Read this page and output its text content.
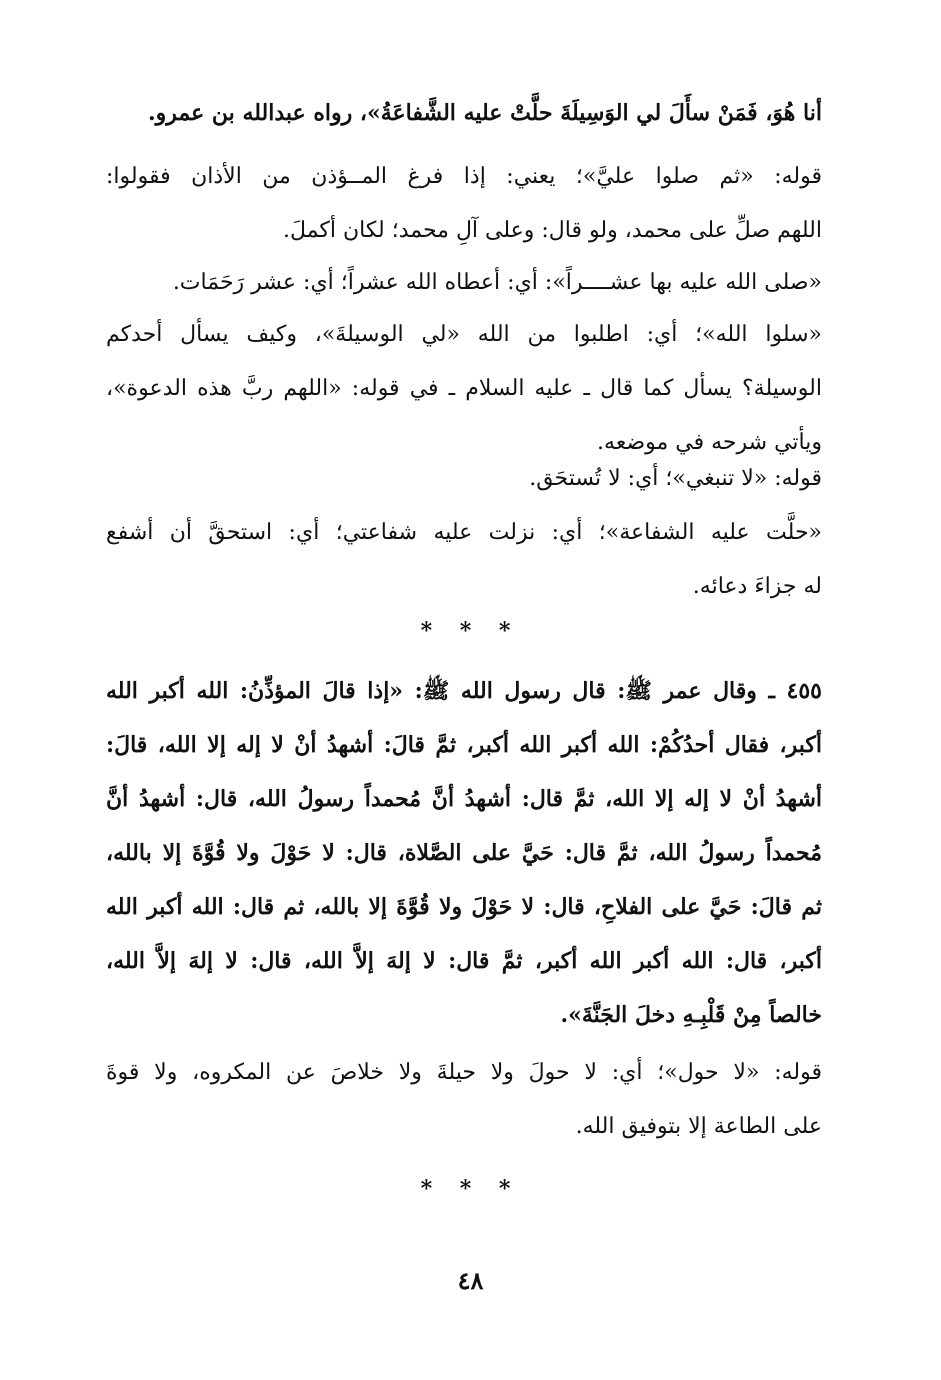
أنا هُوَ، فَمَنْ سأَلَ لي الوَسِيلَةَ حلَّتْ عليه الشَّفاعَةُ»، رواه عبدالله بن عمرو.
قوله: «ثم صلوا عليَّ»؛ يعني: إذا فرغ المــؤذن من الأذان فقولوا:
اللهم صلِّ على محمد، ولو قال: وعلى آلِ محمد؛ لكان أكملَ.
«صلى الله عليه بها عشــــراً»: أي: أعطاه الله عشراً؛ أي: عشر رَحَمَات.
«سلوا الله»؛ أي: اطلبوا من الله «لي الوسيلةَ»، وكيف يسأل أحدكم
الوسيلة؟ يسأل كما قال ـ عليه السلام ـ في قوله: «اللهم ربَّ هذه الدعوة»،
ويأتي شرحه في موضعه.
قوله: «لا تنبغي»؛ أي: لا تُستحَق.
«حلَّت عليه الشفاعة»؛ أي: نزلت عليه شفاعتي؛ أي: استحقَّ أن أشفع
له جزاءَ دعائه.
* * *
٤٥٥ ـ وقال عمر ﷺ: قال رسول الله ﷺ: «إذا قالَ المؤذِّنُ: الله أكبر الله
أكبر، فقال أحدُكُمْ: الله أكبر الله أكبر، ثمَّ قالَ: أشهدُ أنْ لا إله إلا الله، قالَ:
أشهدُ أنْ لا إله إلا الله، ثمَّ قال: أشهدُ أنَّ مُحمداً رسولُ الله، قال: أشهدُ أنَّ
مُحمداً رسولُ الله، ثمَّ قال: حَيَّ على الصَّلاة، قال: لا حَوْلَ ولا قُوَّةَ إلا بالله،
ثم قالَ: حَيَّ على الفلاحِ، قال: لا حَوْلَ ولا قُوَّةَ إلا بالله، ثم قال: الله أكبر الله
أكبر، قال: الله أكبر الله أكبر، ثمَّ قال: لا إلهَ إلاَّ الله، قال: لا إلهَ إلاَّ الله،
خالصاً مِنْ قَلْبِـهِ دخلَ الجَنَّةَ».
قوله: «لا حول»؛ أي: لا حولَ ولا حيلةَ ولا خلاصَ عن المكروه، ولا قوةَ
على الطاعة إلا بتوفيق الله.
* * *
٤٨
